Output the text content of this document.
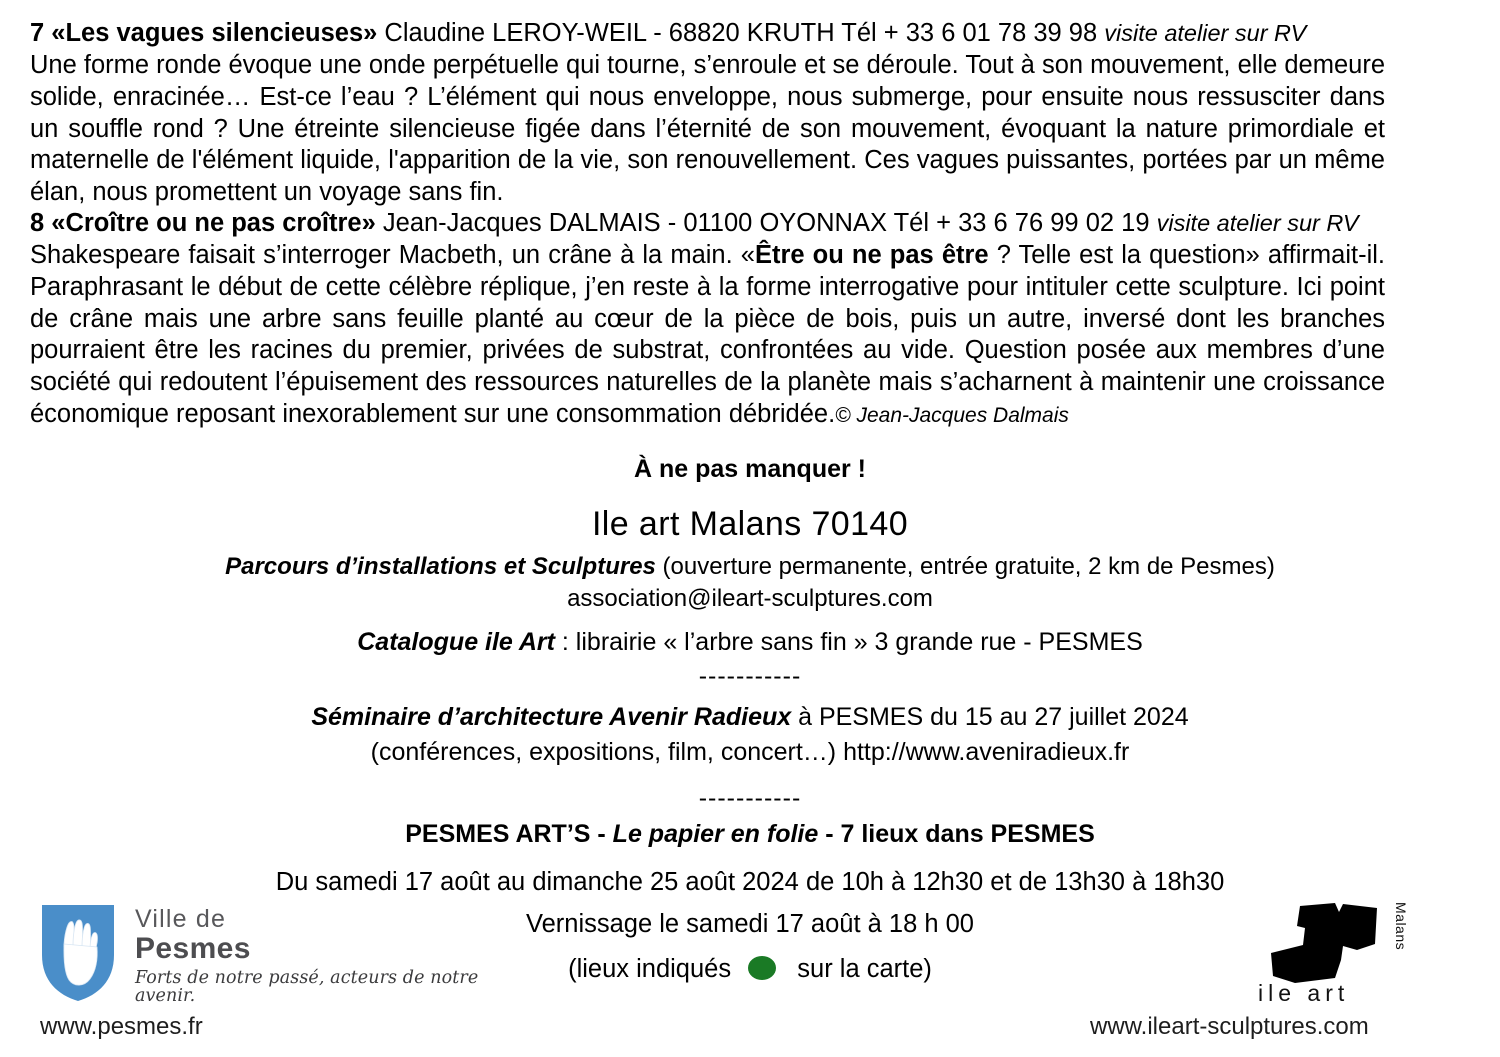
7 «Les vagues silencieuses» Claudine LEROY-WEIL - 68820 KRUTH Tél + 33 6 01 78 39 98 visite atelier sur RV
Une forme ronde évoque une onde perpétuelle qui tourne, s’enroule et se déroule. Tout à son mouvement, elle demeure solide, enracinée… Est-ce l’eau ? L’élément qui nous enveloppe, nous submerge, pour ensuite nous ressusciter dans un souffle rond ? Une étreinte silencieuse figée dans l’éternité de son mouvement, évoquant la nature primordiale et maternelle de l'élément liquide, l'apparition de la vie, son renouvellement. Ces vagues puissantes, portées par un même élan, nous promettent un voyage sans fin.
8 «Croître ou ne pas croître» Jean-Jacques DALMAIS - 01100 OYONNAX Tél + 33 6 76 99 02 19 visite atelier sur RV
Shakespeare faisait s’interroger Macbeth, un crâne à la main. «Être ou ne pas être ? Telle est la question» affirmait-il. Paraphrasant le début de cette célèbre réplique, j’en reste à la forme interrogative pour intituler cette sculpture. Ici point de crâne mais une arbre sans feuille planté au cœur de la pièce de bois, puis un autre, inversé dont les branches pourraient être les racines du premier, privées de substrat, confrontées au vide. Question posée aux membres d’une société qui redoutent l’épuisement des ressources naturelles de la planète mais s’acharnent à maintenir une croissance économique reposant inexorablement sur une consommation débridée.© Jean-Jacques Dalmais
À ne pas manquer !
Ile art Malans 70140
Parcours d’installations et Sculptures (ouverture permanente, entrée gratuite, 2 km de Pesmes)
association@ileart-sculptures.com
Catalogue ile Art : librairie « l’arbre sans fin » 3 grande rue - PESMES
-----------
Séminaire d’architecture Avenir Radieux à PESMES du 15 au 27 juillet 2024
(conférences, expositions, film, concert…) http://www.aveniradieux.fr
-----------
PESMES ART’S - Le papier en folie - 7 lieux dans PESMES
Du samedi 17 août au dimanche 25 août 2024 de 10h à 12h30 et de 13h30 à 18h30
Vernissage le samedi 17 août à 18 h 00
(lieux indiqués  sur la carte)
Ville de
Pesmes
Forts de notre passé, acteurs de notre avenir.
www.pesmes.fr
Malans
ile art
www.ileart-sculptures.com
